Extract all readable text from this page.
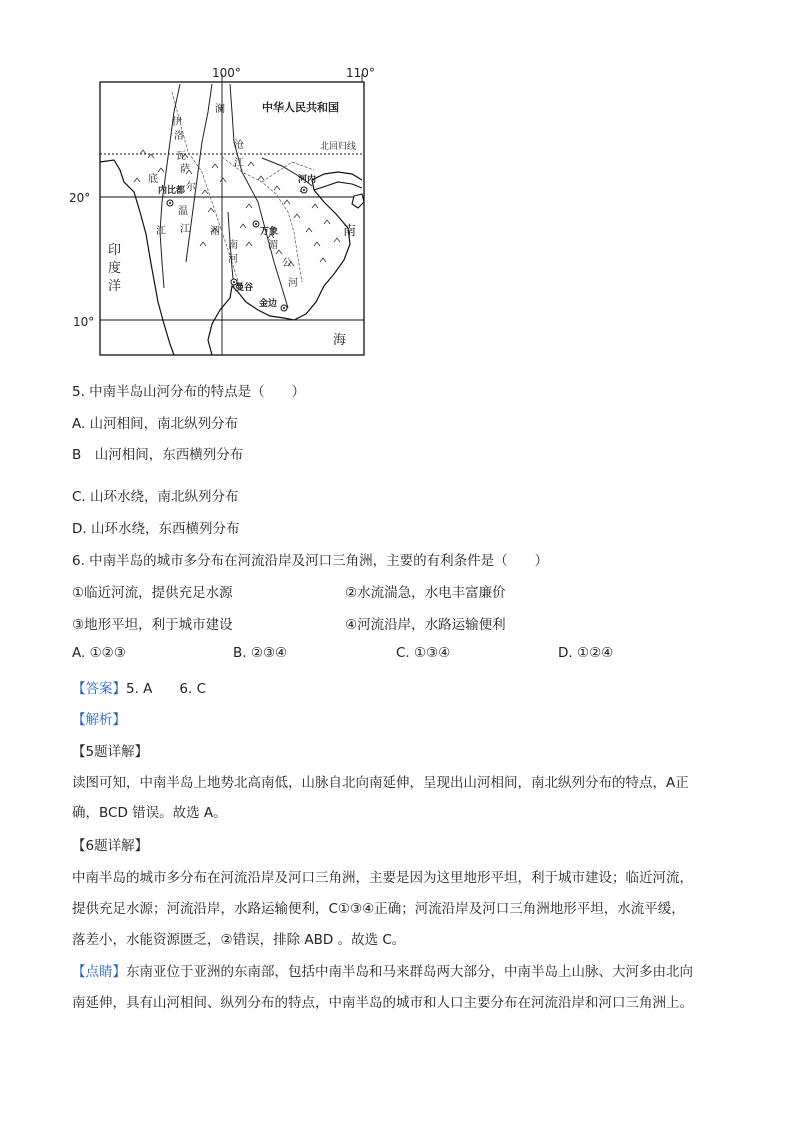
100°	110°
20°
10°
中华人民共和国
北回归线
内比都
河内
万象
曼谷
金边
伊
洛
瓦
底
江
萨
尔
温
江 湄
南
河
澜
沧
江
湄
公
河
印
度
洋
南
海
5. 中南半岛山河分布的特点是（　　）
A. 山河相间，南北纵列分布
B　山河相间，东西横列分布
C. 山环水绕，南北纵列分布
D. 山环水绕，东西横列分布
6. 中南半岛的城市多分布在河流沿岸及河口三角洲，主要的有利条件是（　　）
①临近河流，提供充足水源	②水流湍急，水电丰富廉价
③地形平坦，利于城市建设	④河流沿岸，水路运输便利
A. ①②③	B. ②③④	C. ①③④	D. ①②④
【答案】5. A　　6. C
【解析】
【5题详解】
读图可知，中南半岛上地势北高南低，山脉自北向南延伸，呈现出山河相间，南北纵列分布的特点，A正
确，BCD 错误。故选 A。
【6题详解】
中南半岛的城市多分布在河流沿岸及河口三角洲，主要是因为这里地形平坦，利于城市建设；临近河流，
提供充足水源；河流沿岸，水路运输便利，C①③④正确；河流沿岸及河口三角洲地形平坦，水流平缓，
落差小，水能资源匮乏，②错误，排除 ABD 。故选 C。
【点睛】东南亚位于亚洲的东南部，包括中南半岛和马来群岛两大部分，中南半岛上山脉、大河多由北向
南延伸，具有山河相间、纵列分布的特点，中南半岛的城市和人口主要分布在河流沿岸和河口三角洲上。
